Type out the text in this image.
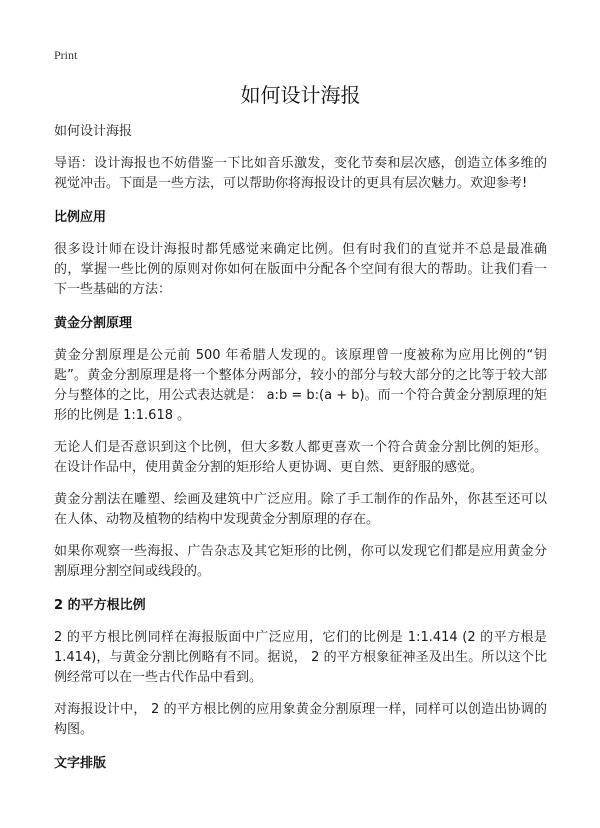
Print
如何设计海报
如何设计海报

导语：设计海报也不妨借鉴一下比如音乐激发，变化节奏和层次感，创造立体多维的视觉冲击。下面是一些方法，可以帮助你将海报设计的更具有层次魅力。欢迎参考!

比例应用

很多设计师在设计海报时都凭感觉来确定比例。但有时我们的直觉并不总是最准确的，掌握一些比例的原则对你如何在版面中分配各个空间有很大的帮助。让我们看一下一些基础的方法：

黄金分割原理

黄金分割原理是公元前 500 年希腊人发现的。该原理曾一度被称为应用比例的“钥匙”。黄金分割原理是将一个整体分两部分，较小的部分与较大部分的之比等于较大部分与整体的之比，用公式表达就是： a:b = b:(a + b)。而一个符合黄金分割原理的矩形的比例是 1:1.618 。

无论人们是否意识到这个比例，但大多数人都更喜欢一个符合黄金分割比例的矩形。在设计作品中，使用黄金分割的矩形给人更协调、更自然、更舒服的感觉。

黄金分割法在雕塑、绘画及建筑中广泛应用。除了手工制作的作品外，你甚至还可以在人体、动物及植物的结构中发现黄金分割原理的存在。

如果你观察一些海报、广告杂志及其它矩形的比例，你可以发现它们都是应用黄金分割原理分割空间或线段的。

2 的平方根比例

2 的平方根比例同样在海报版面中广泛应用，它们的比例是 1:1.414 (2 的平方根是 1.414)，与黄金分割比例略有不同。据说， 2 的平方根象征神圣及出生。所以这个比例经常可以在一些古代作品中看到。

对海报设计中， 2 的平方根比例的应用象黄金分割原理一样，同样可以创造出协调的构图。

文字排版
